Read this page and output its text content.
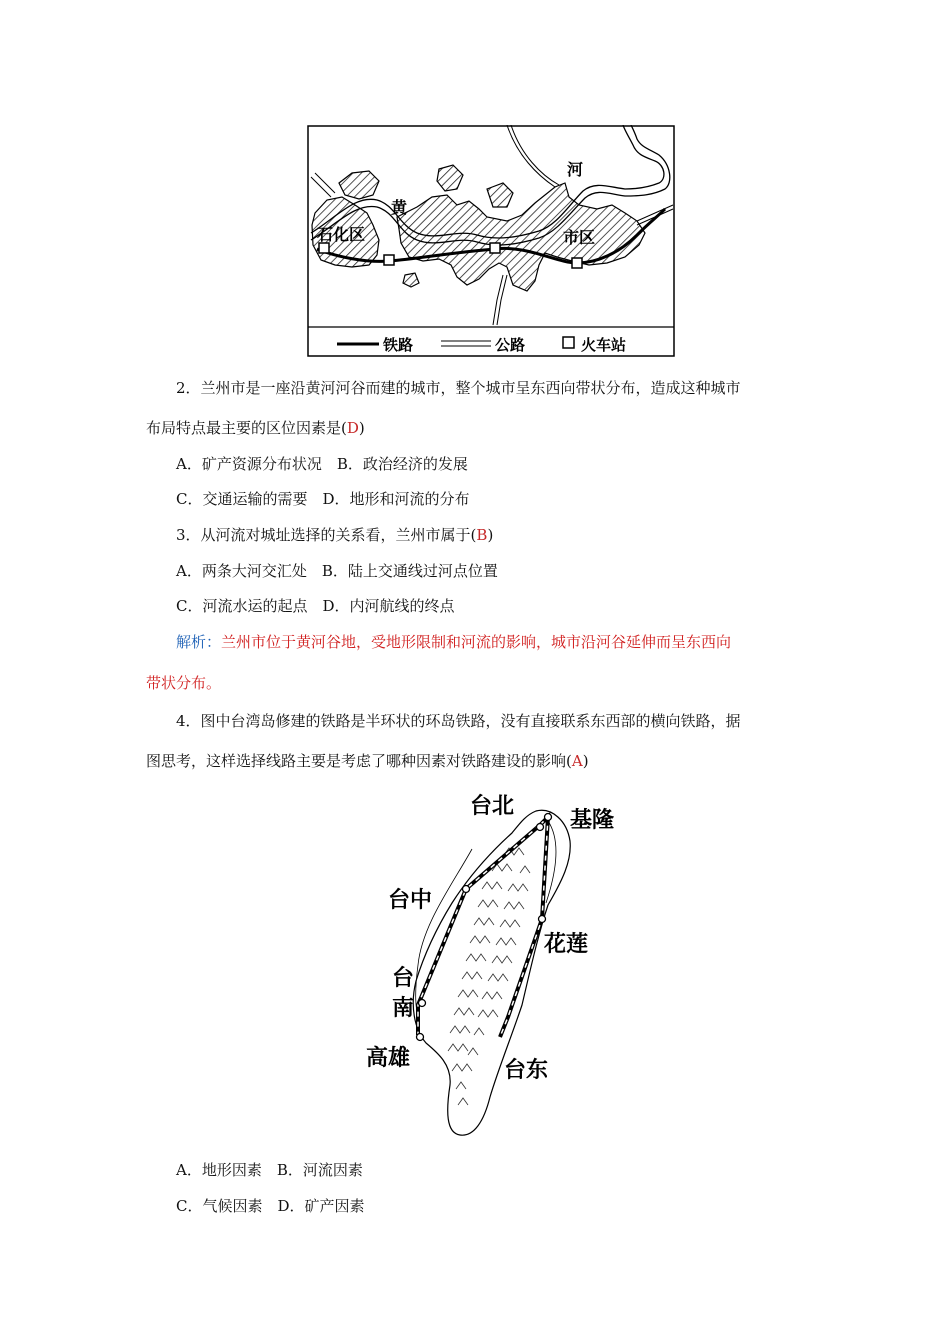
河
黄
石化区	市区
铁路	公路	火车站
2．兰州市是一座沿黄河河谷而建的城市，整个城市呈东西向带状分布，造成这种城市
布局特点最主要的区位因素是(D)
A．矿产资源分布状况　B．政治经济的发展
C．交通运输的需要　D．地形和河流的分布
3．从河流对城址选择的关系看，兰州市属于(B)
A．两条大河交汇处　B．陆上交通线过河点位置
C．河流水运的起点　D．内河航线的终点
解析：兰州市位于黄河谷地，受地形限制和河流的影响，城市沿河谷延伸而呈东西向
带状分布。
4．图中台湾岛修建的铁路是半环状的环岛铁路，没有直接联系东西部的横向铁路，据
图思考，这样选择线路主要是考虑了哪种因素对铁路建设的影响(A)
台北
基隆
台中
花莲
台
南
高雄	台东
A．地形因素　B．河流因素
C．气候因素　D．矿产因素
